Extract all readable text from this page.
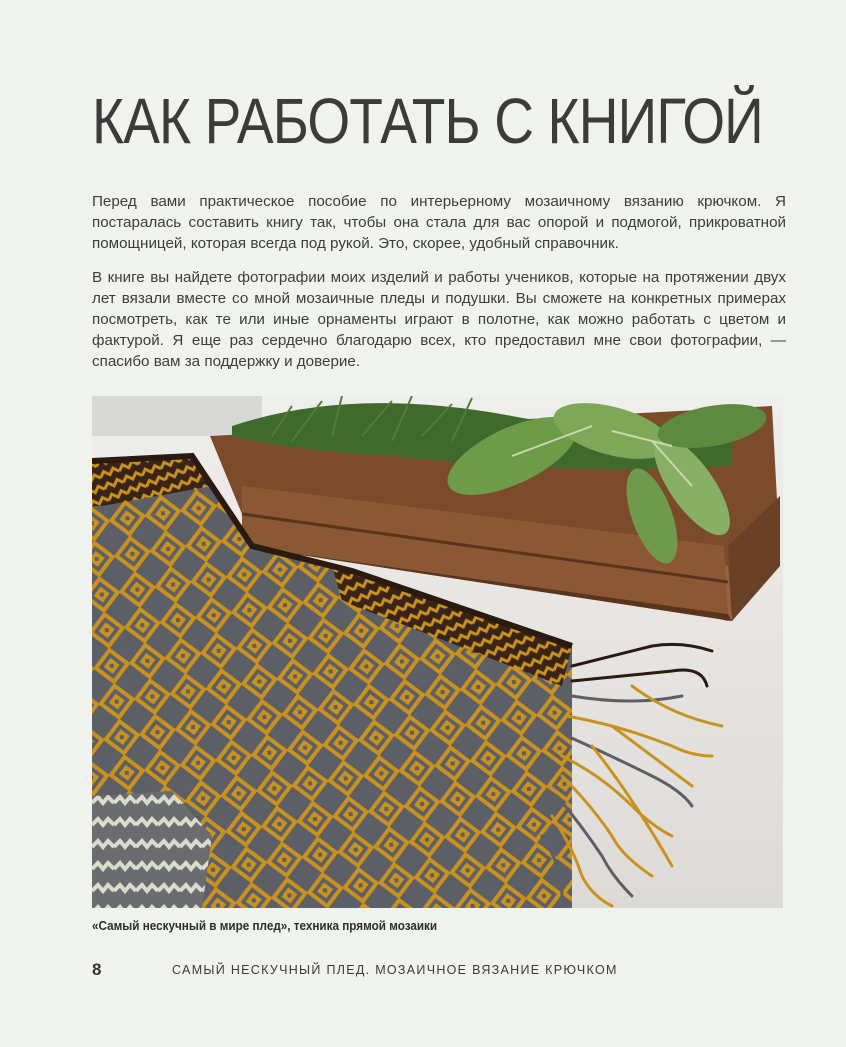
КАК РАБОТАТЬ С КНИГОЙ

Перед вами практическое пособие по интерьерному мозаичному вязанию крючком. Я постаралась составить книгу так, чтобы она стала для вас опорой и подмогой, прикроватной помощницей, которая всегда под рукой. Это, скорее, удобный справочник.

В книге вы найдете фотографии моих изделий и работы учеников, которые на протяжении двух лет вязали вместе со мной мозаичные пледы и подушки. Вы сможете на конкретных примерах посмотреть, как те или иные орнаменты играют в полотне, как можно работать с цветом и фактурой. Я еще раз сердечно благодарю всех, кто предоставил мне свои фотографии, — спасибо вам за поддержку и доверие.

«Самый нескучный в мире плед», техника прямой мозаики
8	САМЫЙ НЕСКУЧНЫЙ ПЛЕД. МОЗАИЧНОЕ ВЯЗАНИЕ КРЮЧКОМ
